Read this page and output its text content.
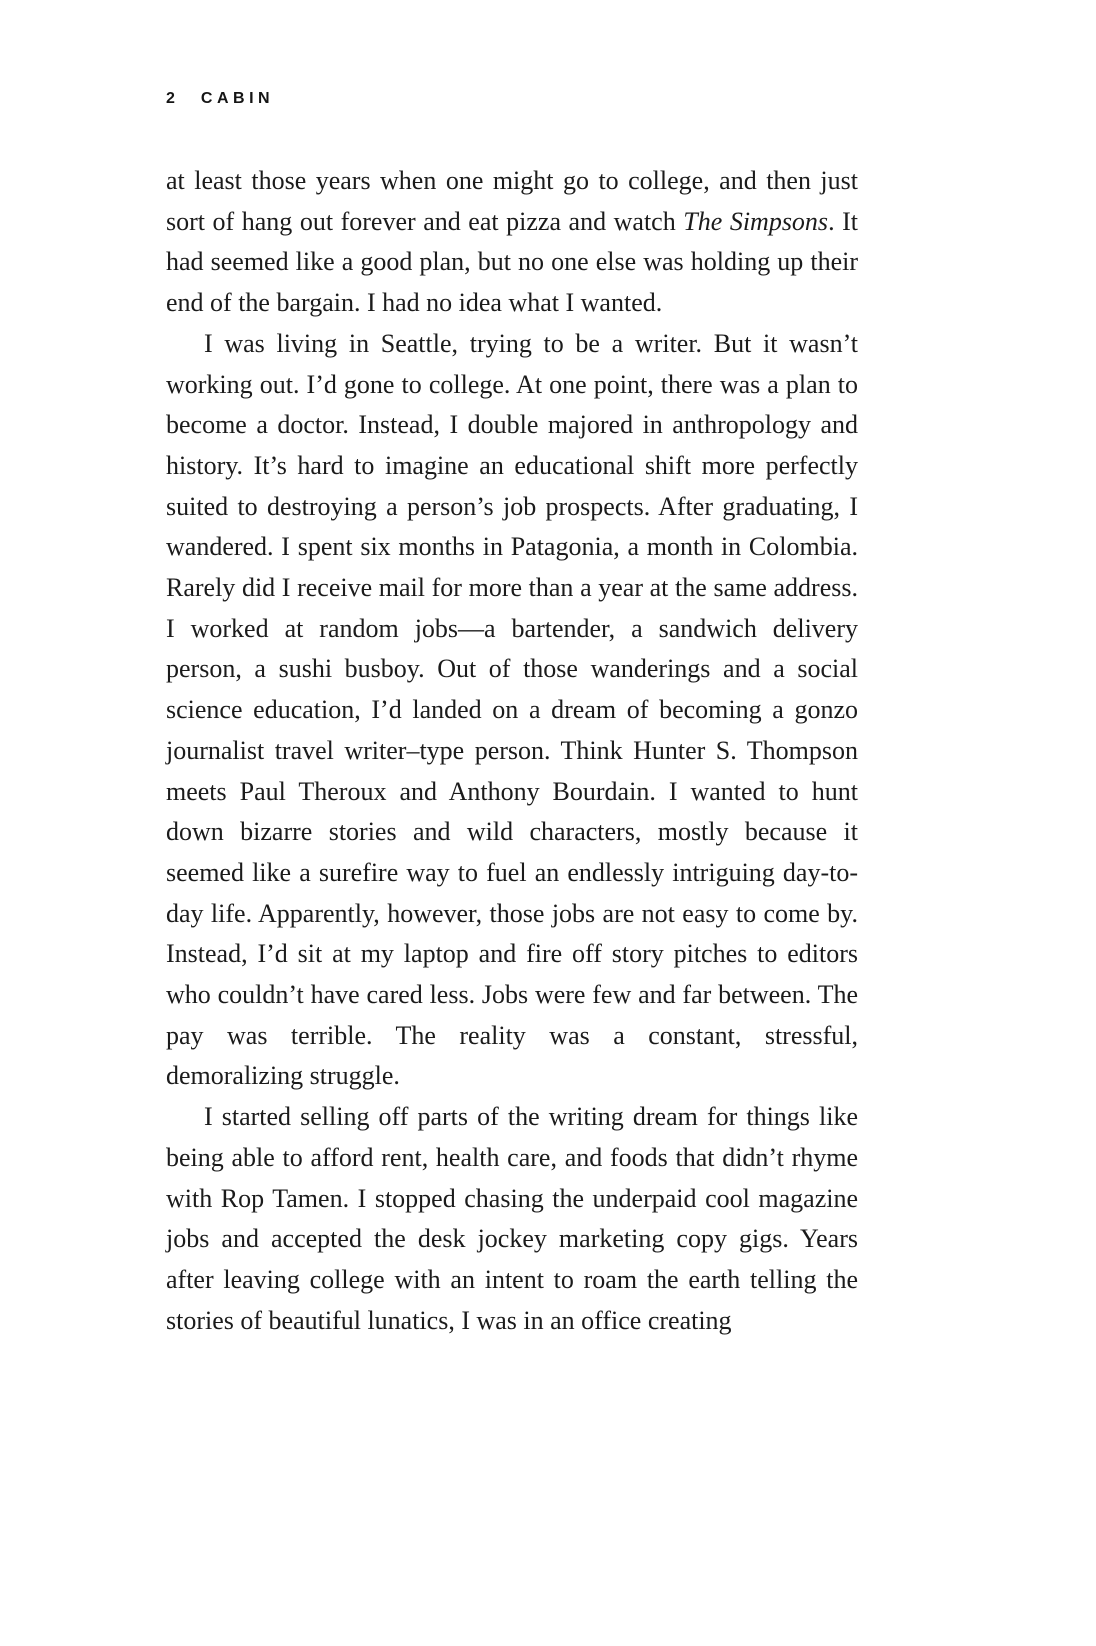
2 CABIN

at least those years when one might go to college, and then just sort of hang out forever and eat pizza and watch The Simpsons. It had seemed like a good plan, but no one else was holding up their end of the bargain. I had no idea what I wanted.

I was living in Seattle, trying to be a writer. But it wasn’t working out. I’d gone to college. At one point, there was a plan to become a doctor. Instead, I double majored in anthropology and history. It’s hard to imagine an educational shift more perfectly suited to destroying a person’s job prospects. After graduating, I wandered. I spent six months in Patagonia, a month in Colombia. Rarely did I receive mail for more than a year at the same address. I worked at random jobs—a bartender, a sandwich delivery person, a sushi busboy. Out of those wanderings and a social science education, I’d landed on a dream of becoming a gonzo journalist travel writer–type person. Think Hunter S. Thompson meets Paul Theroux and Anthony Bourdain. I wanted to hunt down bizarre stories and wild characters, mostly because it seemed like a surefire way to fuel an endlessly intriguing day-to-day life. Apparently, however, those jobs are not easy to come by. Instead, I’d sit at my laptop and fire off story pitches to editors who couldn’t have cared less. Jobs were few and far between. The pay was terrible. The reality was a constant, stressful, demoralizing struggle.

I started selling off parts of the writing dream for things like being able to afford rent, health care, and foods that didn’t rhyme with Rop Tamen. I stopped chasing the underpaid cool magazine jobs and accepted the desk jockey marketing copy gigs. Years after leaving college with an intent to roam the earth telling the stories of beautiful lunatics, I was in an office creating
